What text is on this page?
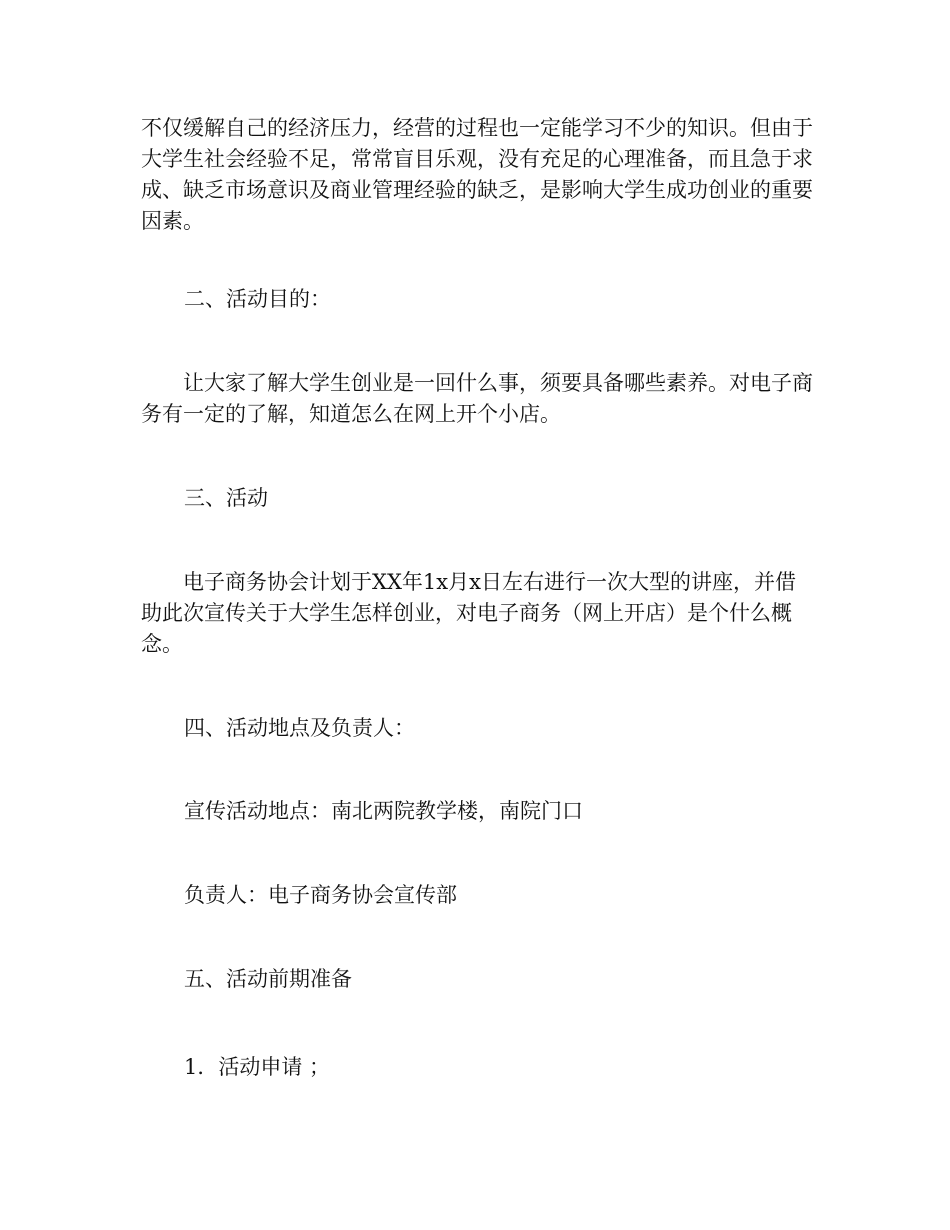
不仅缓解自己的经济压力，经营的过程也一定能学习不少的知识。但由于大学生社会经验不足，常常盲目乐观，没有充足的心理准备，而且急于求成、缺乏市场意识及商业管理经验的缺乏，是影响大学生成功创业的重要因素。

二、活动目的：

让大家了解大学生创业是一回什么事，须要具备哪些素养。对电子商务有一定的了解，知道怎么在网上开个小店。

三、活动

电子商务协会计划于XX年1x月x日左右进行一次大型的讲座，并借助此次宣传关于大学生怎样创业，对电子商务（网上开店）是个什么概念。

四、活动地点及负责人：

宣传活动地点：南北两院教学楼，南院门口

负责人：电子商务协会宣传部

五、活动前期准备

1．活动申请 ；
